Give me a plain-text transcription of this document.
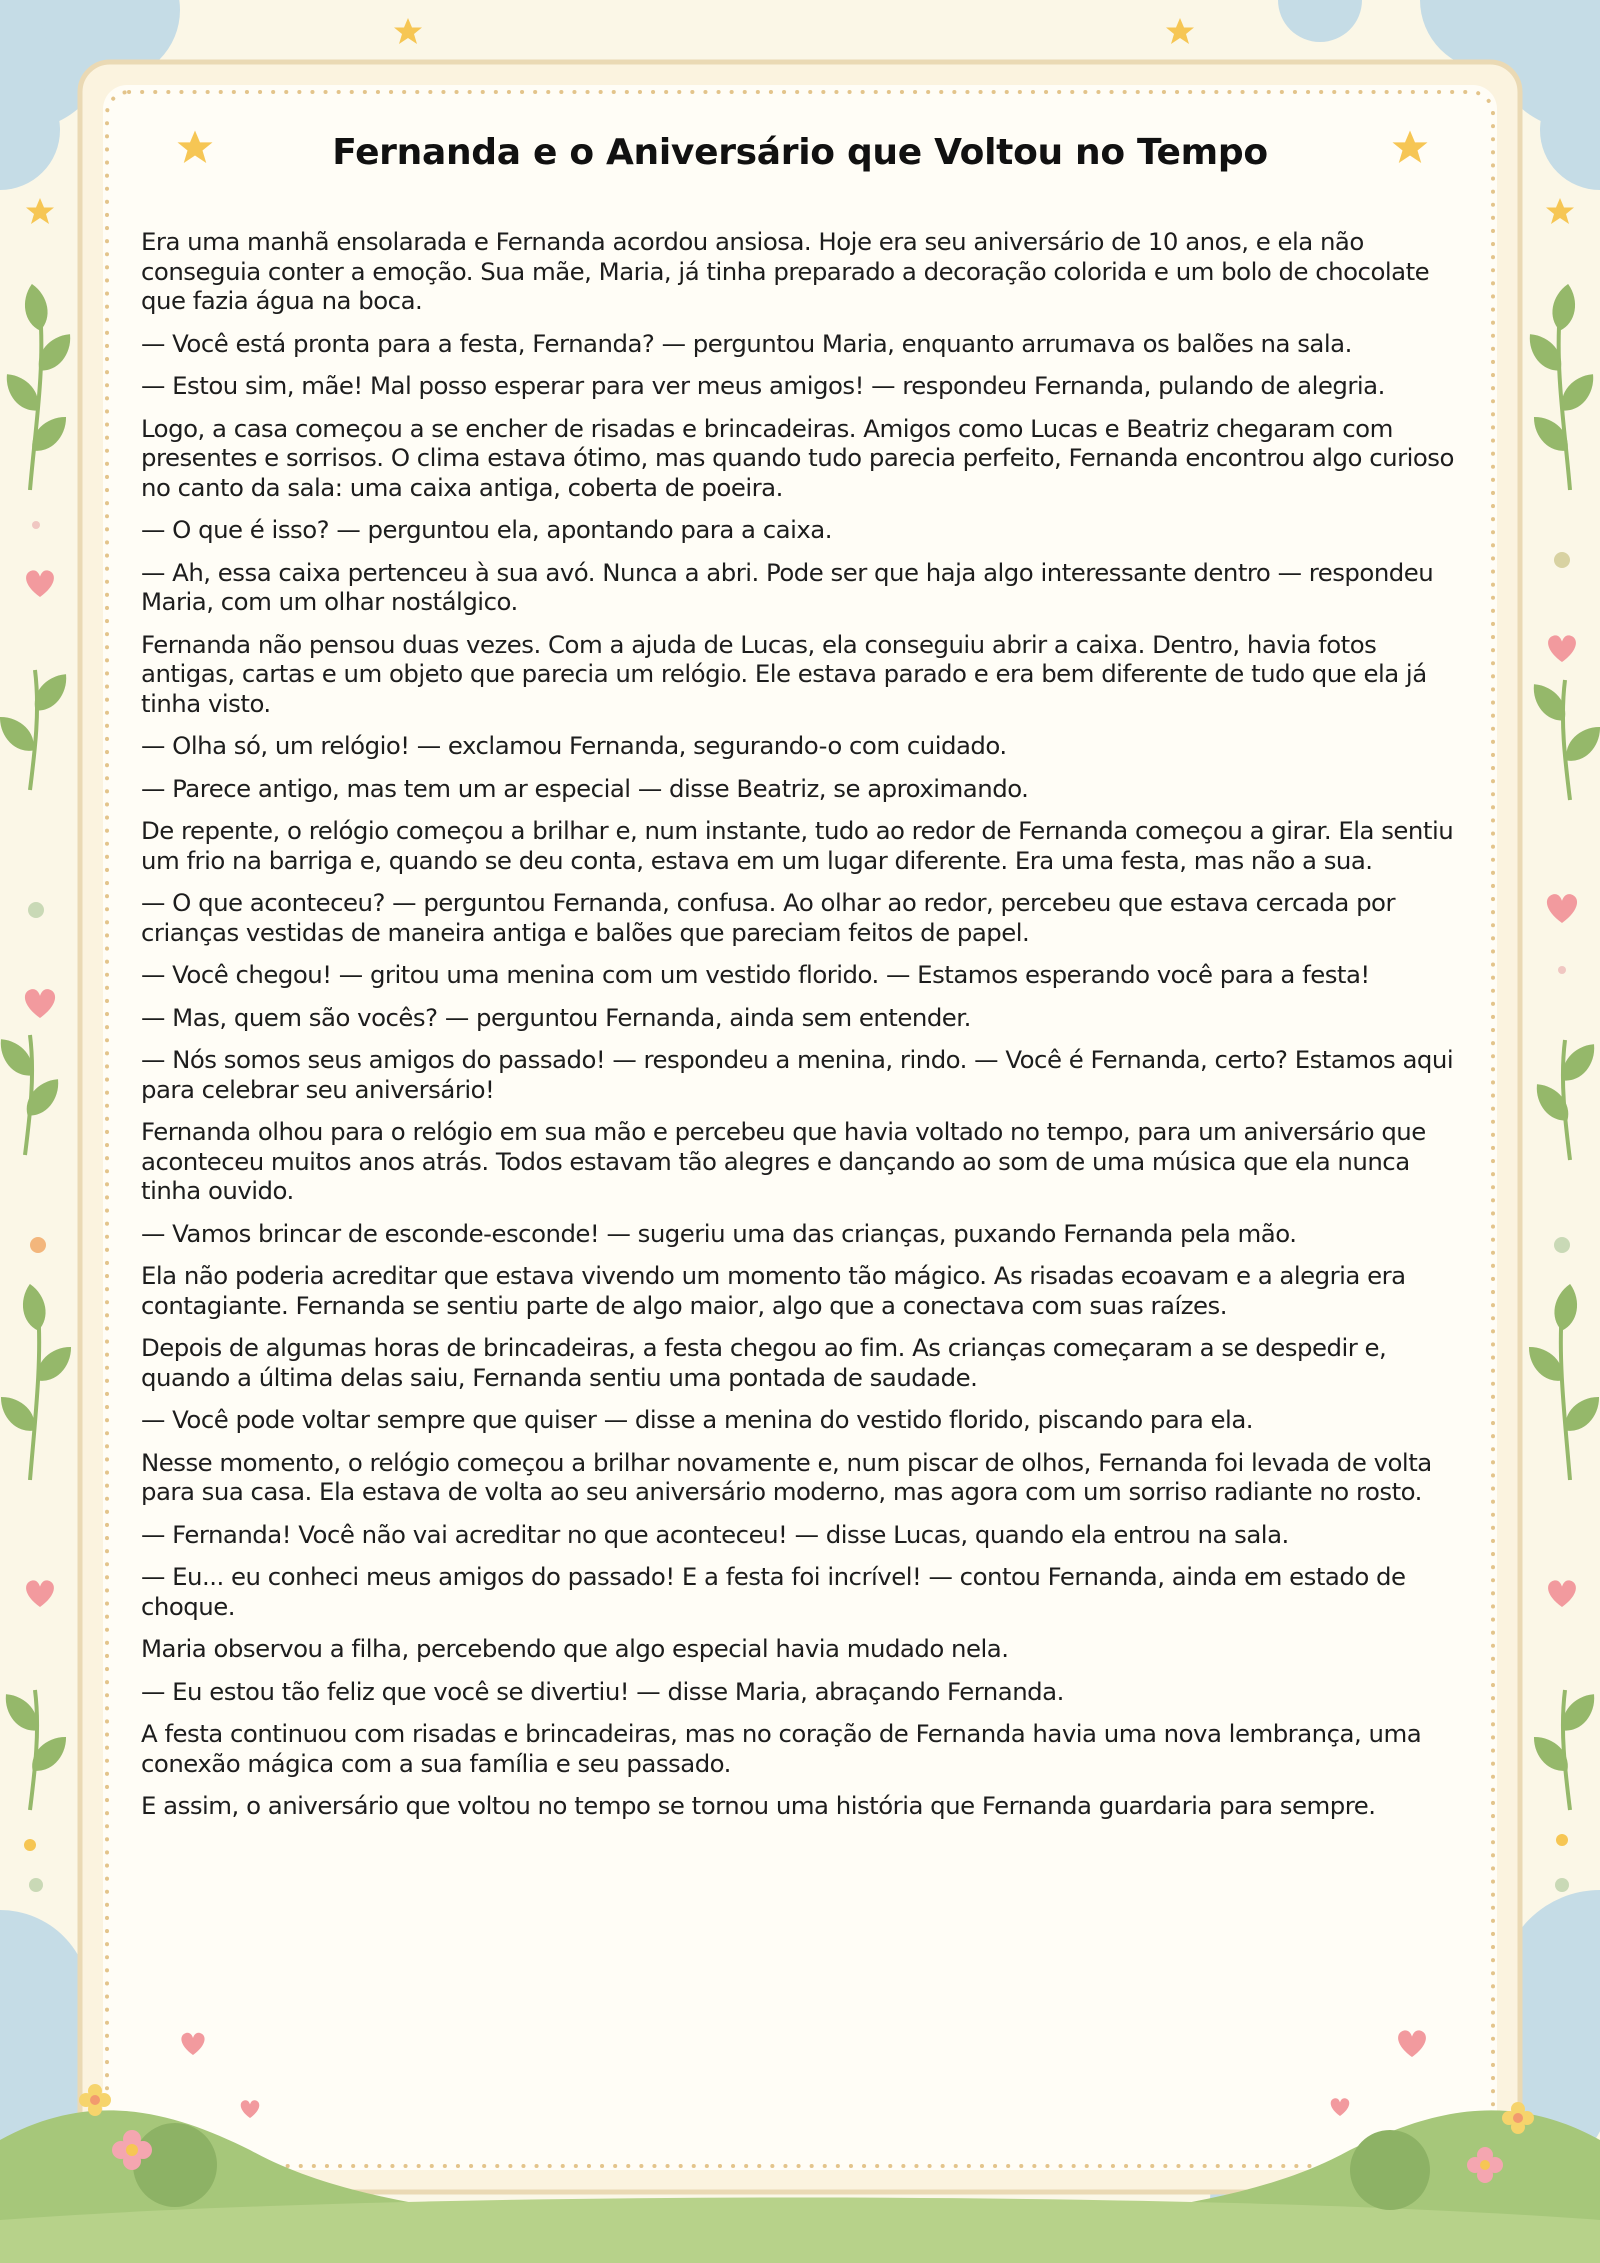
Fernanda e o Aniversário que Voltou no Tempo

Era uma manhã ensolarada e Fernanda acordou ansiosa. Hoje era seu aniversário de 10 anos, e ela não conseguia conter a emoção. Sua mãe, Maria, já tinha preparado a decoração colorida e um bolo de chocolate que fazia água na boca.

— Você está pronta para a festa, Fernanda? — perguntou Maria, enquanto arrumava os balões na sala.

— Estou sim, mãe! Mal posso esperar para ver meus amigos! — respondeu Fernanda, pulando de alegria.

Logo, a casa começou a se encher de risadas e brincadeiras. Amigos como Lucas e Beatriz chegaram com presentes e sorrisos. O clima estava ótimo, mas quando tudo parecia perfeito, Fernanda encontrou algo curioso no canto da sala: uma caixa antiga, coberta de poeira.

— O que é isso? — perguntou ela, apontando para a caixa.

— Ah, essa caixa pertenceu à sua avó. Nunca a abri. Pode ser que haja algo interessante dentro — respondeu Maria, com um olhar nostálgico.

Fernanda não pensou duas vezes. Com a ajuda de Lucas, ela conseguiu abrir a caixa. Dentro, havia fotos antigas, cartas e um objeto que parecia um relógio. Ele estava parado e era bem diferente de tudo que ela já tinha visto.

— Olha só, um relógio! — exclamou Fernanda, segurando-o com cuidado.

— Parece antigo, mas tem um ar especial — disse Beatriz, se aproximando.

De repente, o relógio começou a brilhar e, num instante, tudo ao redor de Fernanda começou a girar. Ela sentiu um frio na barriga e, quando se deu conta, estava em um lugar diferente. Era uma festa, mas não a sua.

— O que aconteceu? — perguntou Fernanda, confusa. Ao olhar ao redor, percebeu que estava cercada por crianças vestidas de maneira antiga e balões que pareciam feitos de papel.

— Você chegou! — gritou uma menina com um vestido florido. — Estamos esperando você para a festa!

— Mas, quem são vocês? — perguntou Fernanda, ainda sem entender.

— Nós somos seus amigos do passado! — respondeu a menina, rindo. — Você é Fernanda, certo? Estamos aqui para celebrar seu aniversário!

Fernanda olhou para o relógio em sua mão e percebeu que havia voltado no tempo, para um aniversário que aconteceu muitos anos atrás. Todos estavam tão alegres e dançando ao som de uma música que ela nunca tinha ouvido.

— Vamos brincar de esconde-esconde! — sugeriu uma das crianças, puxando Fernanda pela mão.

Ela não poderia acreditar que estava vivendo um momento tão mágico. As risadas ecoavam e a alegria era contagiante. Fernanda se sentiu parte de algo maior, algo que a conectava com suas raízes.

Depois de algumas horas de brincadeiras, a festa chegou ao fim. As crianças começaram a se despedir e, quando a última delas saiu, Fernanda sentiu uma pontada de saudade.

— Você pode voltar sempre que quiser — disse a menina do vestido florido, piscando para ela.

Nesse momento, o relógio começou a brilhar novamente e, num piscar de olhos, Fernanda foi levada de volta para sua casa. Ela estava de volta ao seu aniversário moderno, mas agora com um sorriso radiante no rosto.

— Fernanda! Você não vai acreditar no que aconteceu! — disse Lucas, quando ela entrou na sala.

— Eu... eu conheci meus amigos do passado! E a festa foi incrível! — contou Fernanda, ainda em estado de choque.

Maria observou a filha, percebendo que algo especial havia mudado nela.

— Eu estou tão feliz que você se divertiu! — disse Maria, abraçando Fernanda.

A festa continuou com risadas e brincadeiras, mas no coração de Fernanda havia uma nova lembrança, uma conexão mágica com a sua família e seu passado.

E assim, o aniversário que voltou no tempo se tornou uma história que Fernanda guardaria para sempre.
